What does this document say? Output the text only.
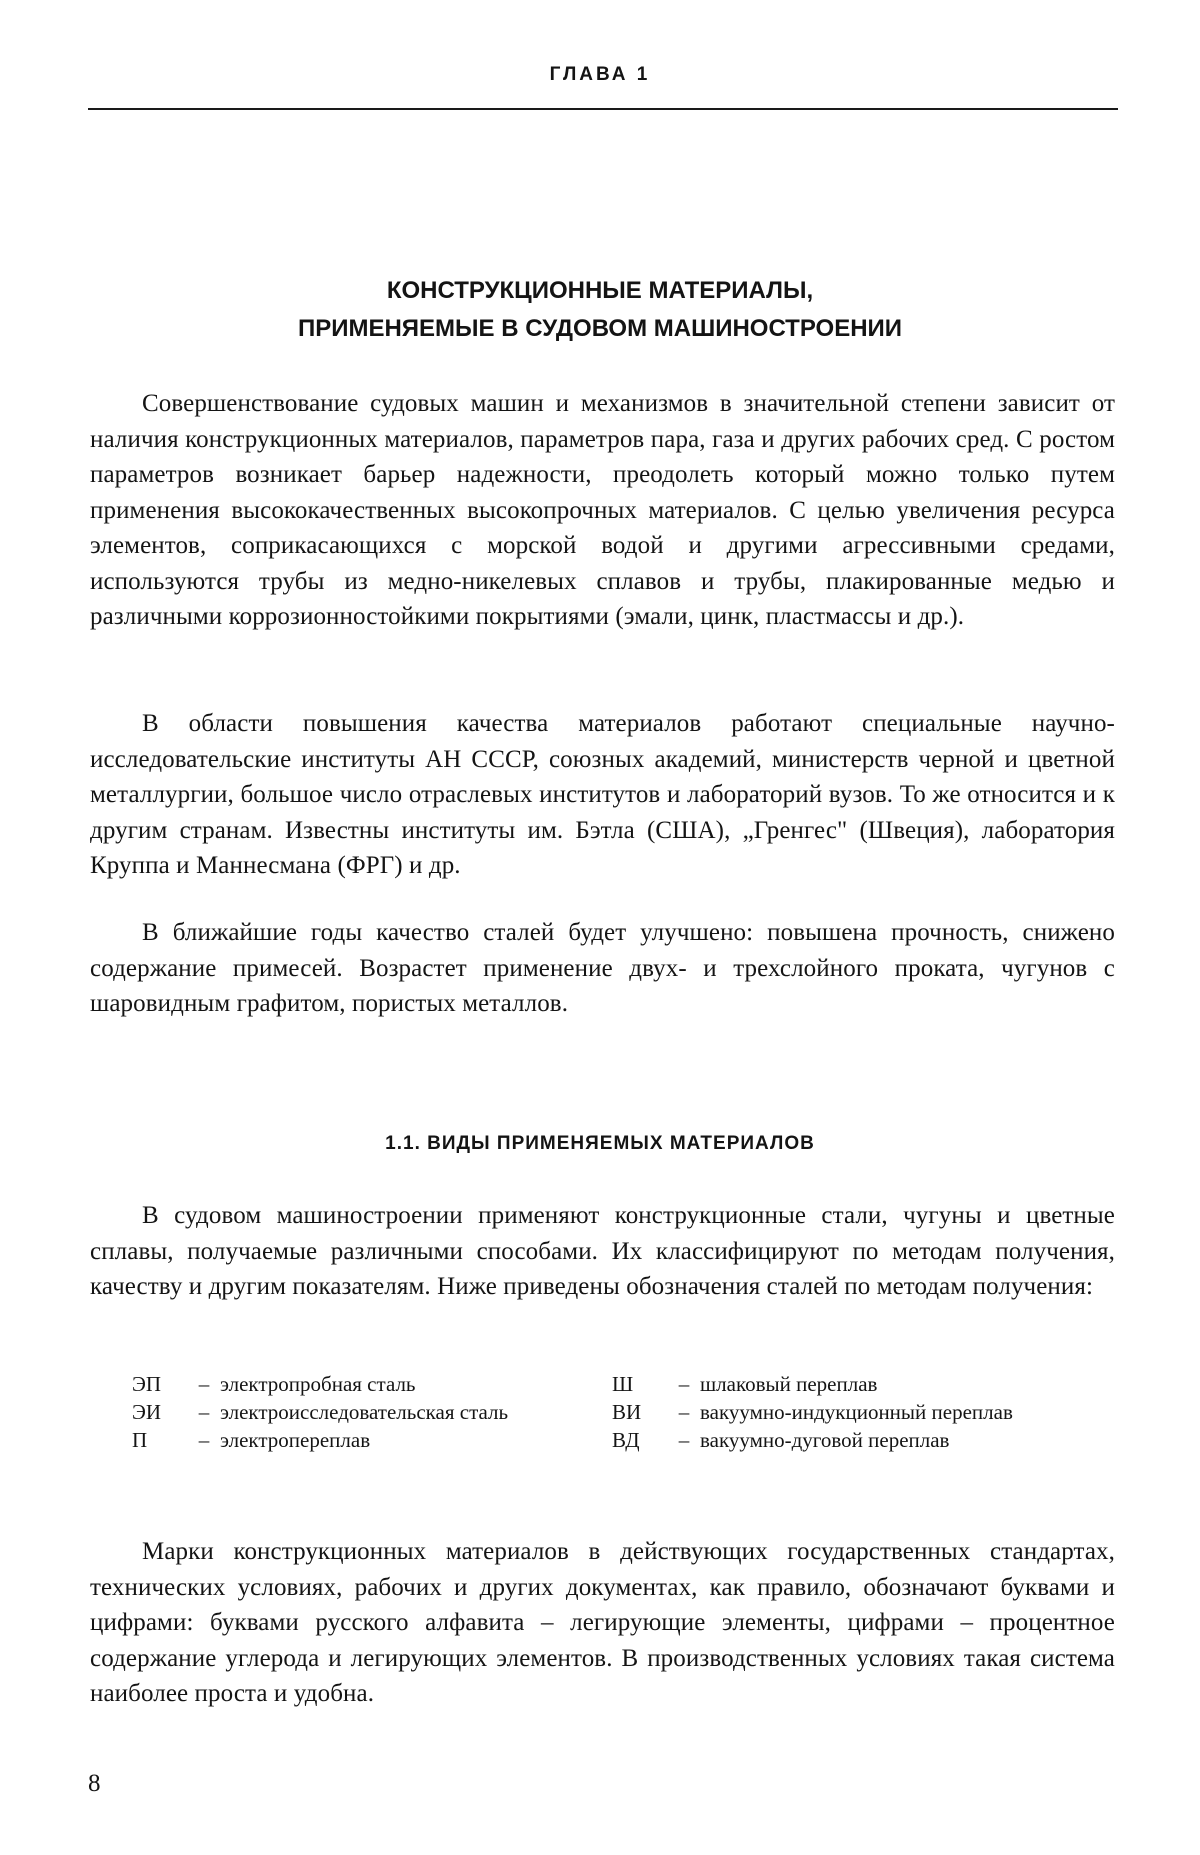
ГЛАВА 1
КОНСТРУКЦИОННЫЕ МАТЕРИАЛЫ,
ПРИМЕНЯЕМЫЕ В СУДОВОМ МАШИНОСТРОЕНИИ

Совершенствование судовых машин и механизмов в значительной степени зависит от наличия конструкционных материалов, параметров пара, газа и других рабочих сред. С ростом параметров возникает барьер надежности, преодолеть который можно только путем применения высококачественных высокопрочных материалов. С целью увеличения ресурса элементов, соприкасающихся с морской водой и другими агрессивными средами, используются трубы из медно-никелевых сплавов и трубы, плакированные медью и различными коррозионностойкими покрытиями (эмали, цинк, пластмассы и др.).

В области повышения качества материалов работают специальные научно-исследовательские институты АН СССР, союзных академий, министерств черной и цветной металлургии, большое число отраслевых институтов и лабораторий вузов. То же относится и к другим странам. Известны институты им. Бэтла (США), „Гренгес" (Швеция), лаборатория Круппа и Маннесмана (ФРГ) и др.

В ближайшие годы качество сталей будет улучшено: повышена прочность, снижено содержание примесей. Возрастет применение двух- и трехслойного проката, чугунов с шаровидным графитом, пористых металлов.

1.1. ВИДЫ ПРИМЕНЯЕМЫХ МАТЕРИАЛОВ

В судовом машиностроении применяют конструкционные стали, чугуны и цветные сплавы, получаемые различными способами. Их классифицируют по методам получения, качеству и другим показателям. Ниже приведены обозначения сталей по методам получения:

ЭП	– электропробная сталь	Ш	– шлаковый переплав
ЭИ	– электроисследовательская сталь	ВИ	– вакуумно-индукционный переплав
П	– электропереплав	ВД	– вакуумно-дуговой переплав

Марки конструкционных материалов в действующих государственных стандартах, технических условиях, рабочих и других документах, как правило, обозначают буквами и цифрами: буквами русского алфавита – легирующие элементы, цифрами – процентное содержание углерода и легирующих элементов. В производственных условиях такая система наиболее проста и удобна.

8
